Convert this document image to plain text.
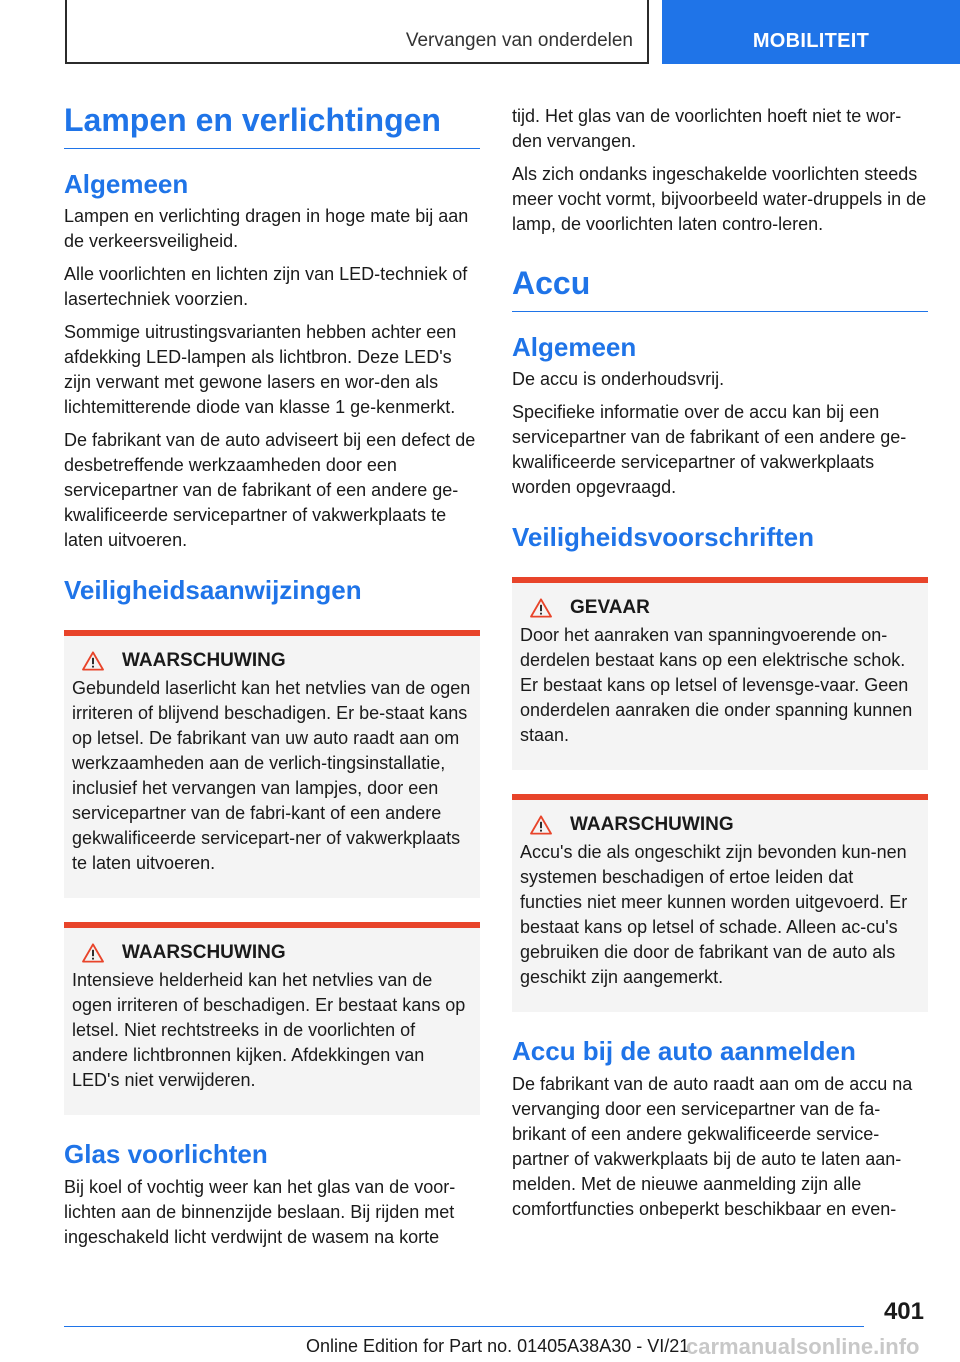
Vervangen van onderdelen	MOBILITEIT
Lampen en verlichtingen
Algemeen

Lampen en verlichting dragen in hoge mate bij aan de verkeersveiligheid.

Alle voorlichten en lichten zijn van LED-techniek of lasertechniek voorzien.

Sommige uitrustingsvarianten hebben achter een afdekking LED-lampen als lichtbron. Deze LED's zijn verwant met gewone lasers en wor-den als lichtemitterende diode van klasse 1 ge-kenmerkt.

De fabrikant van de auto adviseert bij een defect de desbetreffende werkzaamheden door een servicepartner van de fabrikant of een andere ge-kwalificeerde servicepartner of vakwerkplaats te laten uitvoeren.

Veiligheidsaanwijzingen
WAARSCHUWING

Gebundeld laserlicht kan het netvlies van de ogen irriteren of blijvend beschadigen. Er be-staat kans op letsel. De fabrikant van uw auto raadt aan om werkzaamheden aan de verlich-tingsinstallatie, inclusief het vervangen van lampjes, door een servicepartner van de fabri-kant of een andere gekwalificeerde servicepart-ner of vakwerkplaats te laten uitvoeren.

WAARSCHUWING

Intensieve helderheid kan het netvlies van de ogen irriteren of beschadigen. Er bestaat kans op letsel. Niet rechtstreeks in de voorlichten of andere lichtbronnen kijken. Afdekkingen van LED's niet verwijderen.

Glas voorlichten

Bij koel of vochtig weer kan het glas van de voor-lichten aan de binnenzijde beslaan. Bij rijden met ingeschakeld licht verdwijnt de wasem na korte

tijd. Het glas van de voorlichten hoeft niet te wor-den vervangen.

Als zich ondanks ingeschakelde voorlichten steeds meer vocht vormt, bijvoorbeeld water-druppels in de lamp, de voorlichten laten contro-leren.

Accu
Algemeen

De accu is onderhoudsvrij.

Specifieke informatie over de accu kan bij een servicepartner van de fabrikant of een andere ge-kwalificeerde servicepartner of vakwerkplaats worden opgevraagd.

Veiligheidsvoorschriften
GEVAAR

Door het aanraken van spanningvoerende on-derdelen bestaat kans op een elektrische schok. Er bestaat kans op letsel of levensge-vaar. Geen onderdelen aanraken die onder spanning kunnen staan.

WAARSCHUWING

Accu's die als ongeschikt zijn bevonden kun-nen systemen beschadigen of ertoe leiden dat functies niet meer kunnen worden uitgevoerd. Er bestaat kans op letsel of schade. Alleen ac-cu's gebruiken die door de fabrikant van de auto als geschikt zijn aangemerkt.

Accu bij de auto aanmelden

De fabrikant van de auto raadt aan om de accu na vervanging door een servicepartner van de fa-brikant of een andere gekwalificeerde service-partner of vakwerkplaats bij de auto te laten aan-melden. Met de nieuwe aanmelding zijn alle comfortfuncties onbeperkt beschikbaar en even-

401
Online Edition for Part no. 01405A38A30 - VI/21
carmanualsonline.info
